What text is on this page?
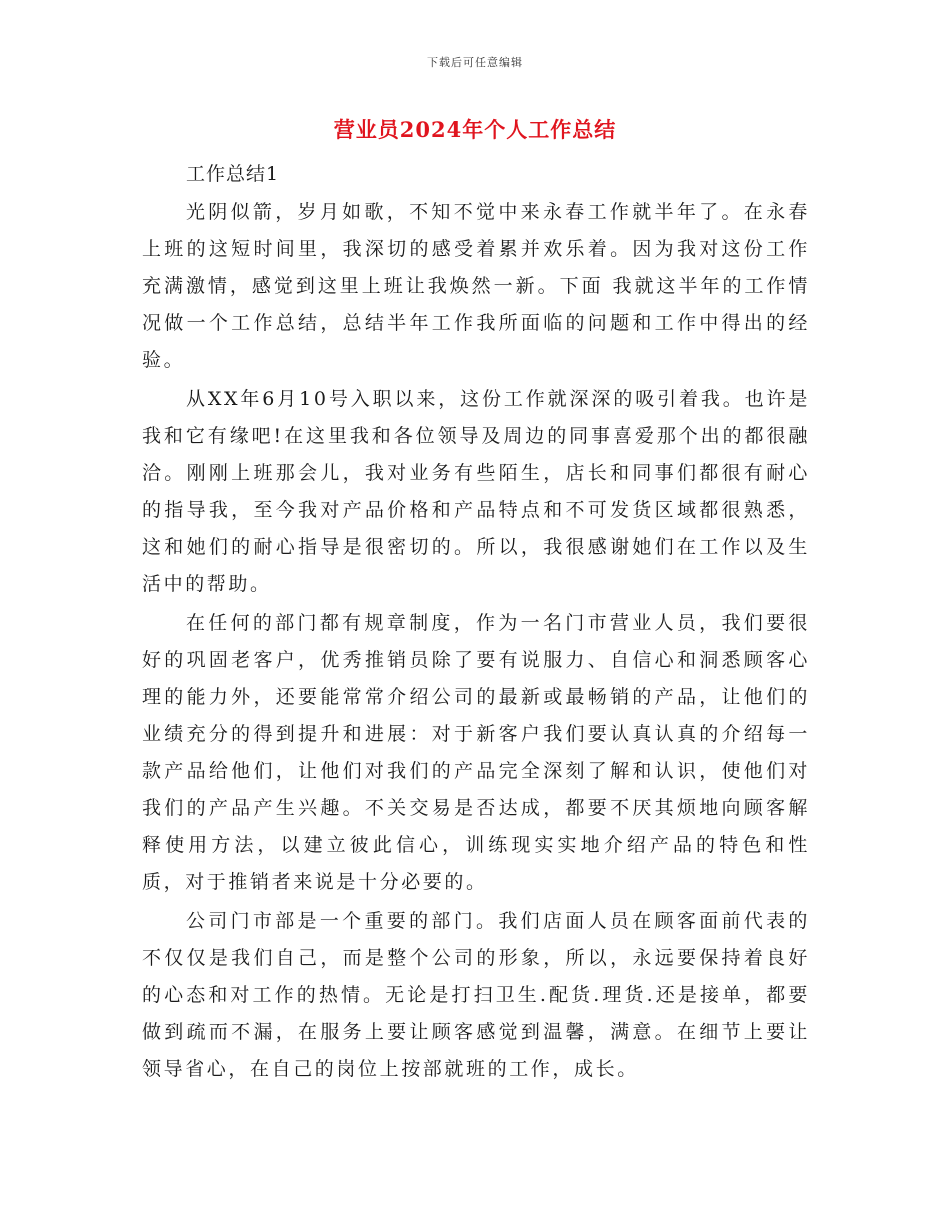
下载后可任意编辑
营业员2024年个人工作总结

工作总结1

光阴似箭，岁月如歌，不知不觉中来永春工作就半年了。在永春上班的这短时间里，我深切的感受着累并欢乐着。因为我对这份工作充满激情，感觉到这里上班让我焕然一新。下面 我就这半年的工作情况做一个工作总结，总结半年工作我所面临的问题和工作中得出的经验。

从XX年6月10号入职以来，这份工作就深深的吸引着我。也许是我和它有缘吧!在这里我和各位领导及周边的同事喜爱那个出的都很融洽。刚刚上班那会儿，我对业务有些陌生，店长和同事们都很有耐心的指导我，至今我对产品价格和产品特点和不可发货区域都很熟悉，这和她们的耐心指导是很密切的。所以，我很感谢她们在工作以及生活中的帮助。

在任何的部门都有规章制度，作为一名门市营业人员，我们要很好的巩固老客户，优秀推销员除了要有说服力、自信心和洞悉顾客心理的能力外，还要能常常介绍公司的最新或最畅销的产品，让他们的业绩充分的得到提升和进展：对于新客户我们要认真认真的介绍每一款产品给他们，让他们对我们的产品完全深刻了解和认识，使他们对我们的产品产生兴趣。不关交易是否达成，都要不厌其烦地向顾客解释使用方法，以建立彼此信心，训练现实实地介绍产品的特色和性质，对于推销者来说是十分必要的。

公司门市部是一个重要的部门。我们店面人员在顾客面前代表的不仅仅是我们自己，而是整个公司的形象，所以，永远要保持着良好的心态和对工作的热情。无论是打扫卫生.配货.理货.还是接单，都要做到疏而不漏，在服务上要让顾客感觉到温馨，满意。在细节上要让领导省心，在自己的岗位上按部就班的工作，成长。
